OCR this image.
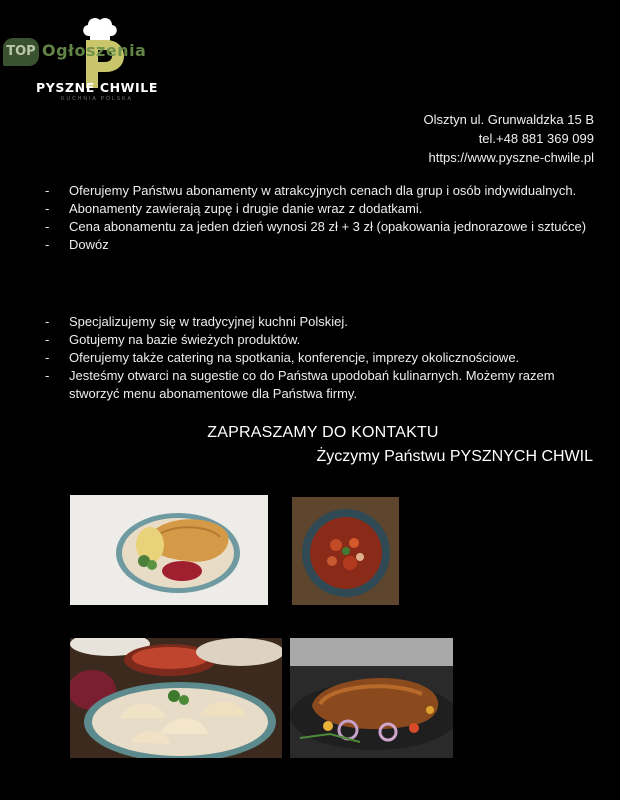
PYSZNE CHWILE
KUCHNIA POLSKA
TOP Ogłoszenia
Olsztyn ul. Grunwaldzka 15 B
tel.+48 881 369 099
https://www.pyszne-chwile.pl
- Oferujemy Państwu abonamenty w atrakcyjnych cenach dla grup i osób indywidualnych.
- Abonamenty zawierają zupę i drugie danie wraz z dodatkami.
- Cena abonamentu za jeden dzień wynosi 28 zł + 3 zł (opakowania jednorazowe i sztućce)
- Dowóz
- Specjalizujemy się w tradycyjnej kuchni Polskiej.
- Gotujemy na bazie świeżych produktów.
- Oferujemy także catering na spotkania, konferencje, imprezy okolicznościowe.
- Jesteśmy otwarci na sugestie co do Państwa upodobań kulinarnych. Możemy razem stworzyć menu abonamentowe dla Państwa firmy.
ZAPRASZAMY DO KONTAKTU
Życzymy Państwu PYSZNYCH CHWIL
